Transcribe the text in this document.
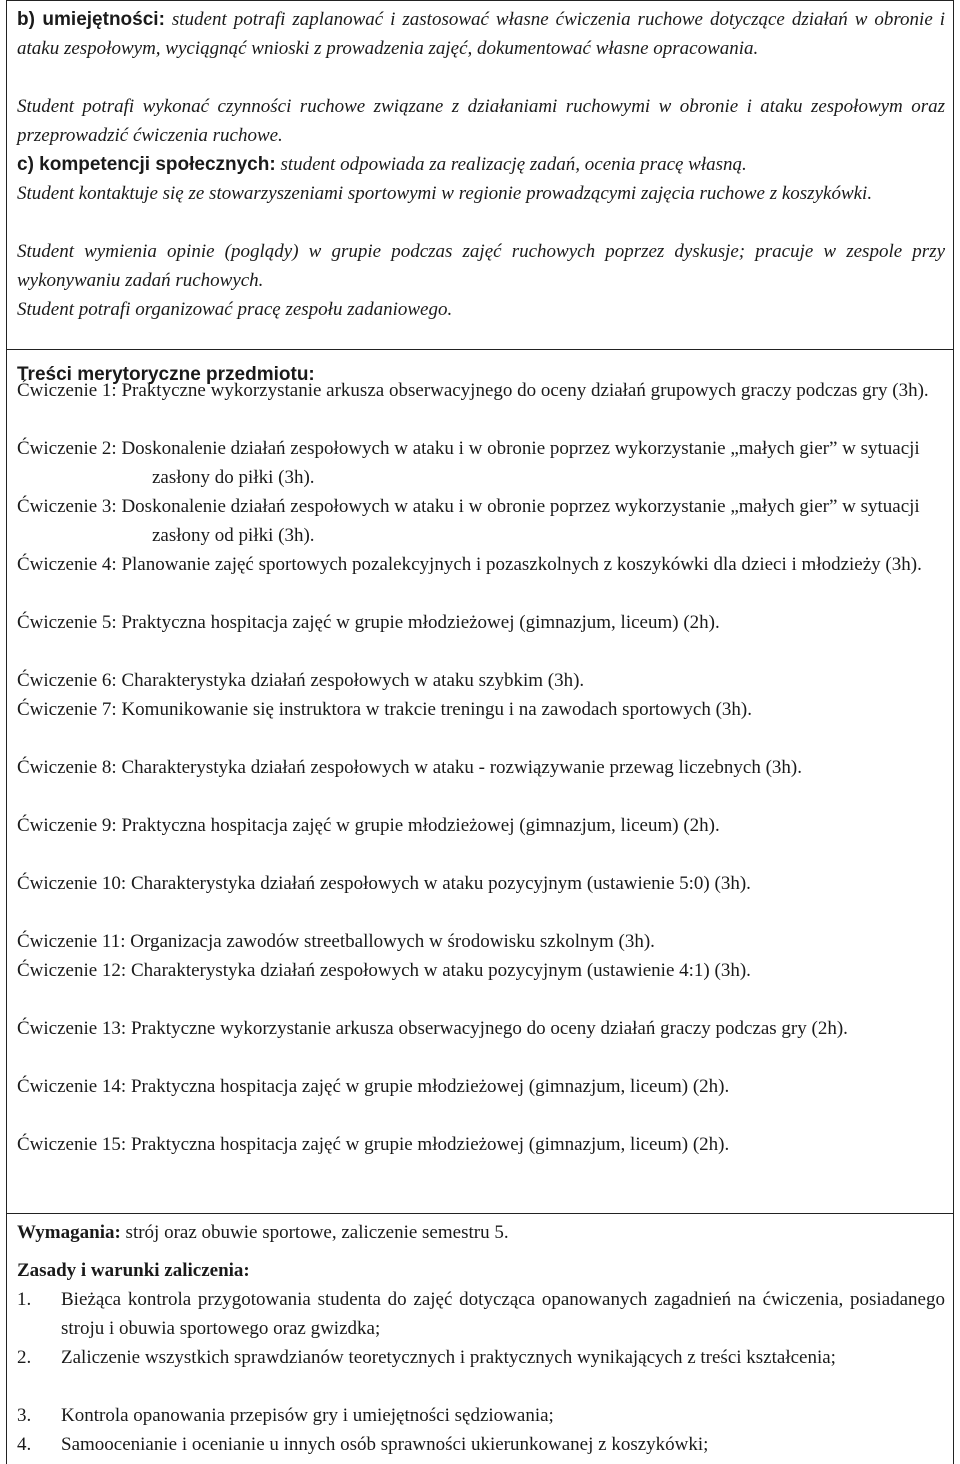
b) umiejętności: student potrafi zaplanować i zastosować własne ćwiczenia ruchowe dotyczące działań w obronie i ataku zespołowym, wyciągnąć wnioski z prowadzenia zajęć, dokumentować własne opracowania.

Student potrafi wykonać czynności ruchowe związane z działaniami ruchowymi w obronie i ataku zespołowym oraz przeprowadzić ćwiczenia ruchowe.

c) kompetencji społecznych: student odpowiada za realizację zadań, ocenia pracę własną.

Student kontaktuje się ze stowarzyszeniami sportowymi w regionie prowadzącymi zajęcia ruchowe z koszykówki.

Student wymienia opinie (poglądy) w grupie podczas zajęć ruchowych poprzez dyskusje; pracuje w zespole przy wykonywaniu zadań ruchowych.

Student potrafi organizować pracę zespołu zadaniowego.

Treści merytoryczne przedmiotu:
Ćwiczenie 1: Praktyczne wykorzystanie arkusza obserwacyjnego do oceny działań grupowych graczy podczas gry (3h).
Ćwiczenie 2: Doskonalenie działań zespołowych w ataku i w obronie poprzez wykorzystanie „małych gier” w sytuacji zasłony do piłki (3h).
Ćwiczenie 3: Doskonalenie działań zespołowych w ataku i w obronie poprzez wykorzystanie „małych gier” w sytuacji zasłony od piłki (3h).
Ćwiczenie 4: Planowanie zajęć sportowych pozalekcyjnych i pozaszkolnych z koszykówki dla dzieci i młodzieży (3h).
Ćwiczenie 5: Praktyczna hospitacja zajęć w grupie młodzieżowej (gimnazjum, liceum) (2h).
Ćwiczenie 6: Charakterystyka działań zespołowych w ataku szybkim (3h).
Ćwiczenie 7: Komunikowanie się instruktora w trakcie treningu i na zawodach sportowych (3h).
Ćwiczenie 8: Charakterystyka działań zespołowych w ataku - rozwiązywanie przewag liczebnych (3h).
Ćwiczenie 9: Praktyczna hospitacja zajęć w grupie młodzieżowej (gimnazjum, liceum) (2h).
Ćwiczenie 10: Charakterystyka działań zespołowych w ataku pozycyjnym (ustawienie 5:0) (3h).
Ćwiczenie 11: Organizacja zawodów streetballowych w środowisku szkolnym (3h).
Ćwiczenie 12: Charakterystyka działań zespołowych w ataku pozycyjnym (ustawienie 4:1) (3h).
Ćwiczenie 13: Praktyczne wykorzystanie arkusza obserwacyjnego do oceny działań graczy podczas gry (2h).
Ćwiczenie 14: Praktyczna hospitacja zajęć w grupie młodzieżowej (gimnazjum, liceum) (2h).
Ćwiczenie 15: Praktyczna hospitacja zajęć w grupie młodzieżowej (gimnazjum, liceum) (2h).

Wymagania: strój oraz obuwie sportowe, zaliczenie semestru 5.

Zasady i warunki zaliczenia:
1.	Bieżąca kontrola przygotowania studenta do zajęć dotycząca opanowanych zagadnień na ćwiczenia, posiadanego stroju i obuwia sportowego oraz gwizdka;
2.	Zaliczenie wszystkich sprawdzianów teoretycznych i praktycznych wynikających z treści kształcenia;
3.	Kontrola opanowania przepisów gry i umiejętności sędziowania;
4.	Samoocenianie i ocenianie u innych osób sprawności ukierunkowanej z koszykówki;
